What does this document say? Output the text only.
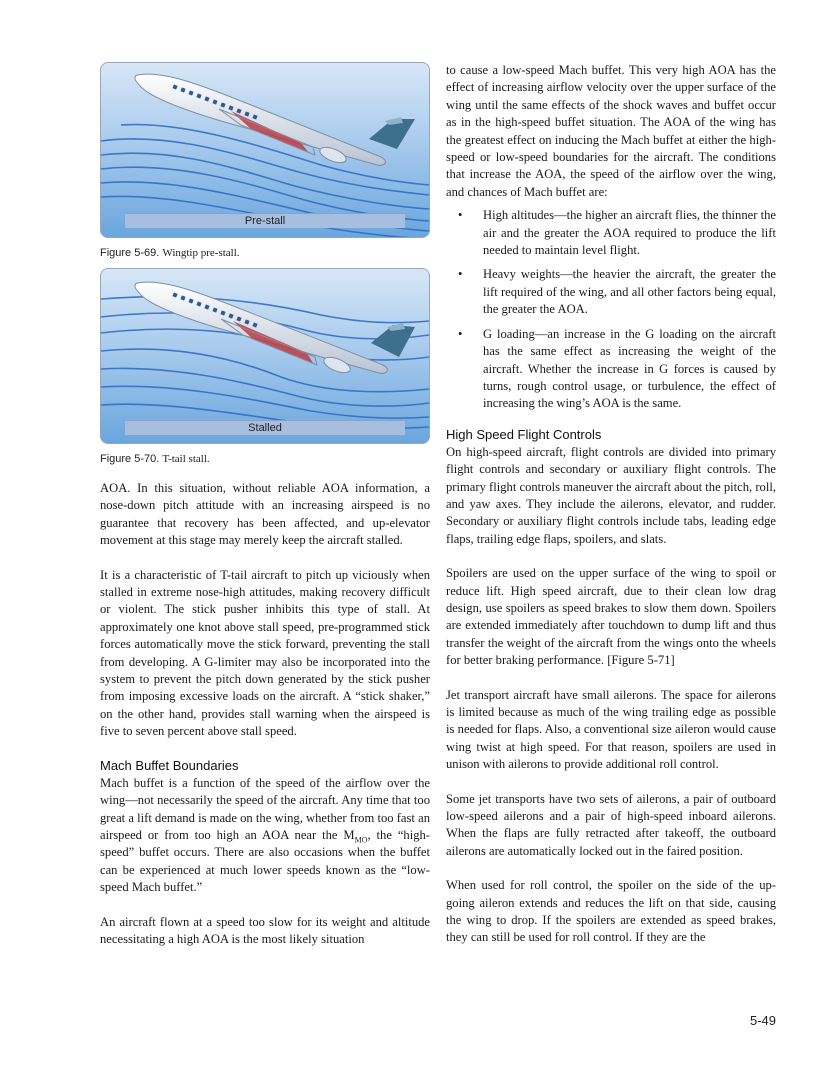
Pre-stall

Figure 5-69. Wingtip pre-stall.

Stalled

Figure 5-70. T-tail stall.

AOA. In this situation, without reliable AOA information, a nose-down pitch attitude with an increasing airspeed is no guarantee that recovery has been affected, and up-elevator movement at this stage may merely keep the aircraft stalled.

It is a characteristic of T-tail aircraft to pitch up viciously when stalled in extreme nose-high attitudes, making recovery difficult or violent. The stick pusher inhibits this type of stall. At approximately one knot above stall speed, pre-programmed stick forces automatically move the stick forward, preventing the stall from developing. A G-limiter may also be incorporated into the system to prevent the pitch down generated by the stick pusher from imposing excessive loads on the aircraft. A “stick shaker,” on the other hand, provides stall warning when the airspeed is five to seven percent above stall speed.

Mach Buffet Boundaries

Mach buffet is a function of the speed of the airflow over the wing—not necessarily the speed of the aircraft. Any time that too great a lift demand is made on the wing, whether from too fast an airspeed or from too high an AOA near the $M_{MO}$, the “high-speed” buffet occurs. There are also occasions when the buffet can be experienced at much lower speeds known as the “low-speed Mach buffet.”

An aircraft flown at a speed too slow for its weight and altitude necessitating a high AOA is the most likely situation

to cause a low-speed Mach buffet. This very high AOA has the effect of increasing airflow velocity over the upper surface of the wing until the same effects of the shock waves and buffet occur as in the high-speed buffet situation. The AOA of the wing has the greatest effect on inducing the Mach buffet at either the high-speed or low-speed boundaries for the aircraft. The conditions that increase the AOA, the speed of the airflow over the wing, and chances of Mach buffet are:

• High altitudes—the higher an aircraft flies, the thinner the air and the greater the AOA required to produce the lift needed to maintain level flight.
• Heavy weights—the heavier the aircraft, the greater the lift required of the wing, and all other factors being equal, the greater the AOA.
• G loading—an increase in the G loading on the aircraft has the same effect as increasing the weight of the aircraft. Whether the increase in G forces is caused by turns, rough control usage, or turbulence, the effect of increasing the wing’s AOA is the same.

High Speed Flight Controls

On high-speed aircraft, flight controls are divided into primary flight controls and secondary or auxiliary flight controls. The primary flight controls maneuver the aircraft about the pitch, roll, and yaw axes. They include the ailerons, elevator, and rudder. Secondary or auxiliary flight controls include tabs, leading edge flaps, trailing edge flaps, spoilers, and slats.

Spoilers are used on the upper surface of the wing to spoil or reduce lift. High speed aircraft, due to their clean low drag design, use spoilers as speed brakes to slow them down. Spoilers are extended immediately after touchdown to dump lift and thus transfer the weight of the aircraft from the wings onto the wheels for better braking performance. [Figure 5-71]

Jet transport aircraft have small ailerons. The space for ailerons is limited because as much of the wing trailing edge as possible is needed for flaps. Also, a conventional size aileron would cause wing twist at high speed. For that reason, spoilers are used in unison with ailerons to provide additional roll control.

Some jet transports have two sets of ailerons, a pair of outboard low-speed ailerons and a pair of high-speed inboard ailerons. When the flaps are fully retracted after takeoff, the outboard ailerons are automatically locked out in the faired position.

When used for roll control, the spoiler on the side of the up-going aileron extends and reduces the lift on that side, causing the wing to drop. If the spoilers are extended as speed brakes, they can still be used for roll control. If they are the

5-49
